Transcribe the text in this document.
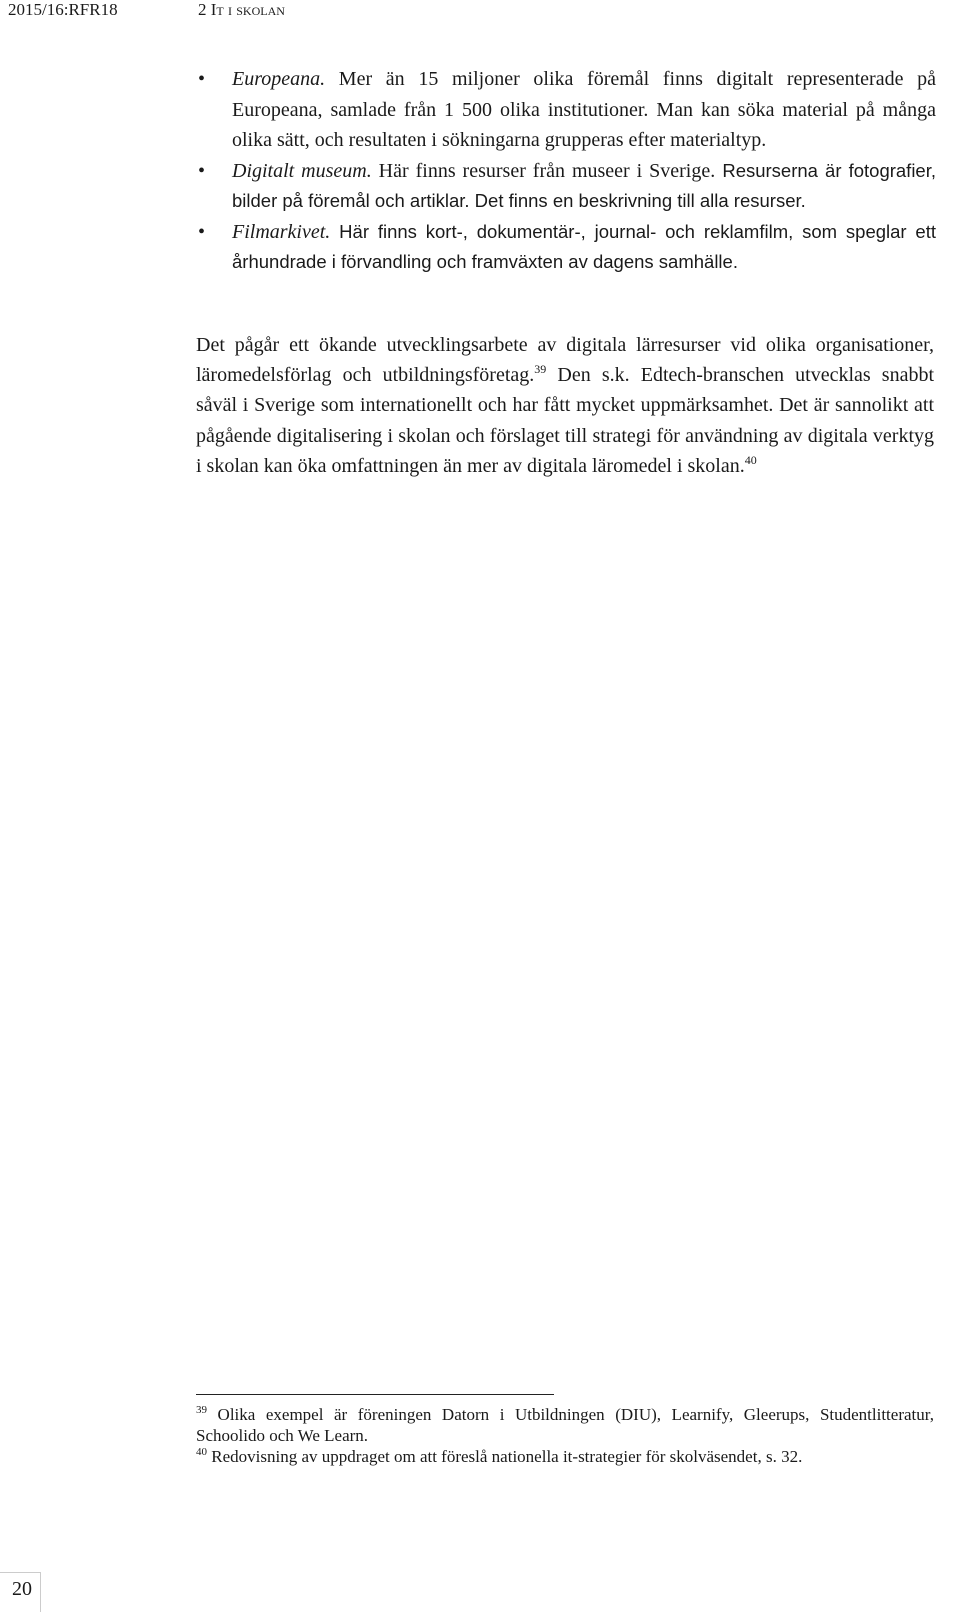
2015/16:RFR18	2 It i skolan
• Europeana. Mer än 15 miljoner olika föremål finns digitalt representerade på Europeana, samlade från 1 500 olika institutioner. Man kan söka material på många olika sätt, och resultaten i sökningarna grupperas efter materialtyp.
• Digitalt museum. Här finns resurser från museer i Sverige. Resurserna är fotografier, bilder på föremål och artiklar. Det finns en beskrivning till alla resurser.
• Filmarkivet. Här finns kort-, dokumentär-, journal- och reklamfilm, som speglar ett århundrade i förvandling och framväxten av dagens samhälle.

Det pågår ett ökande utvecklingsarbete av digitala lärresurser vid olika organisationer, läromedelsförlag och utbildningsföretag.$^{39}$ Den s.k. Edtech-branschen utvecklas snabbt såväl i Sverige som internationellt och har fått mycket uppmärksamhet. Det är sannolikt att pågående digitalisering i skolan och förslaget till strategi för användning av digitala verktyg i skolan kan öka omfattningen än mer av digitala läromedel i skolan.$^{40}$

$^{39}$ Olika exempel är föreningen Datorn i Utbildningen (DIU), Learnify, Gleerups, Studentlitteratur, Schoolido och We Learn.

$^{40}$ Redovisning av uppdraget om att föreslå nationella it-strategier för skolväsendet, s. 32.

20
